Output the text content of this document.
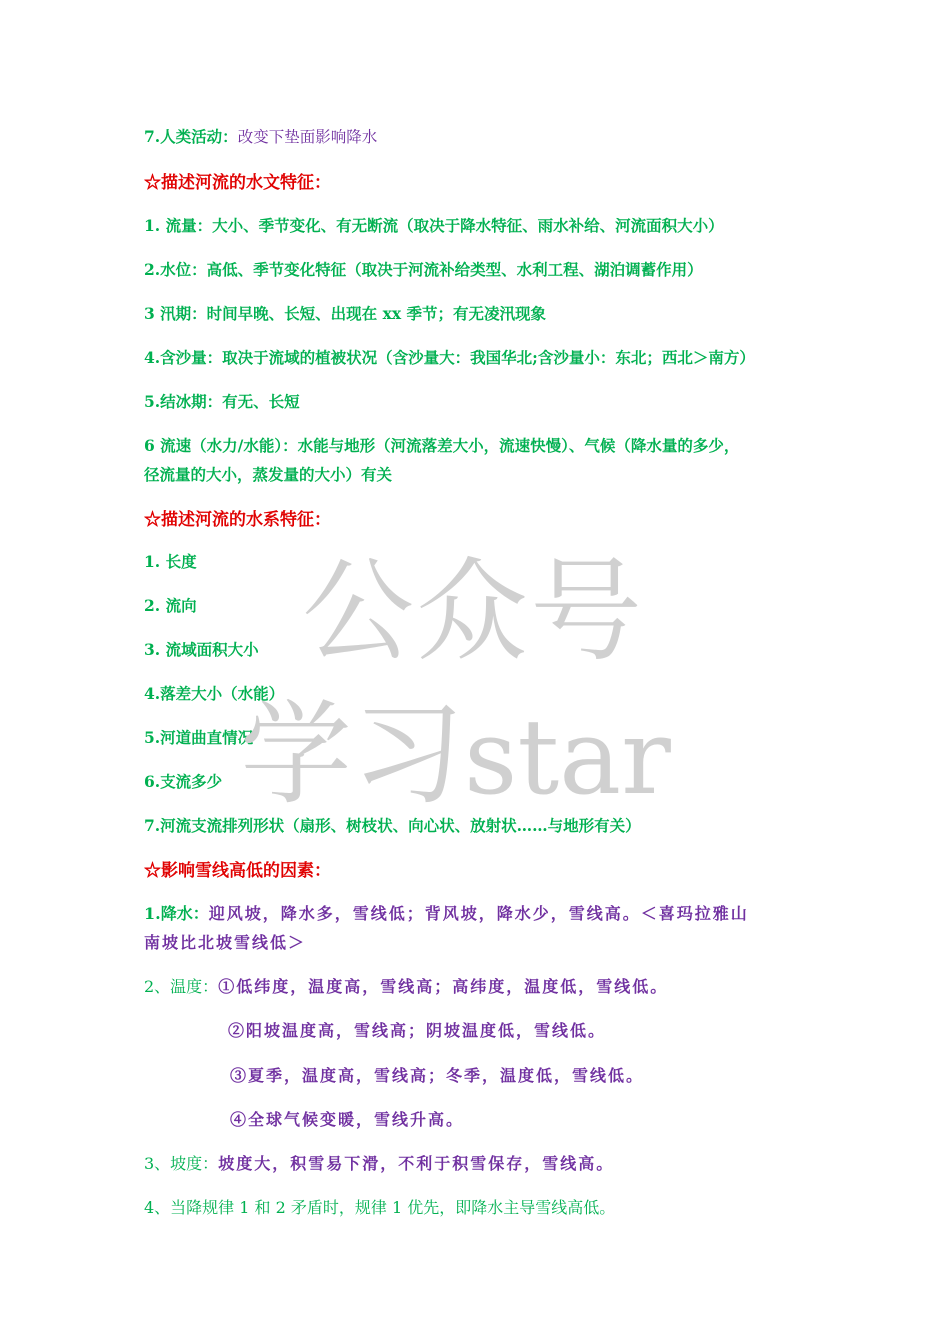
7.人类活动：改变下垫面影响降水
☆描述河流的水文特征：
1. 流量：大小、季节变化、有无断流（取决于降水特征、雨水补给、河流面积大小）
2.水位：高低、季节变化特征（取决于河流补给类型、水利工程、湖泊调蓄作用）
3 汛期：时间早晚、长短、出现在 xx 季节；有无凌汛现象
4.含沙量：取决于流域的植被状况（含沙量大：我国华北;含沙量小：东北；西北＞南方）
5.结冰期：有无、长短
6 流速（水力/水能）：水能与地形（河流落差大小，流速快慢）、气候（降水量的多少，
径流量的大小，蒸发量的大小）有关
☆描述河流的水系特征：
1. 长度
2. 流向
3. 流域面积大小
4.落差大小（水能）
5.河道曲直情况
6.支流多少
7.河流支流排列形状（扇形、树枝状、向心状、放射状……与地形有关）
☆影响雪线高低的因素：
1.降水：迎风坡，降水多，雪线低；背风坡，降水少，雪线高。＜喜玛拉雅山
南坡比北坡雪线低＞
2、温度：①低纬度，温度高，雪线高；高纬度，温度低，雪线低。
②阳坡温度高，雪线高；阴坡温度低，雪线低。
③夏季，温度高，雪线高；冬季，温度低，雪线低。
④全球气候变暖，雪线升高。
3、坡度：坡度大，积雪易下滑，不利于积雪保存，雪线高。
4、当降规律 1 和 2 矛盾时，规律 1 优先，即降水主导雪线高低。
公众号
学习star
